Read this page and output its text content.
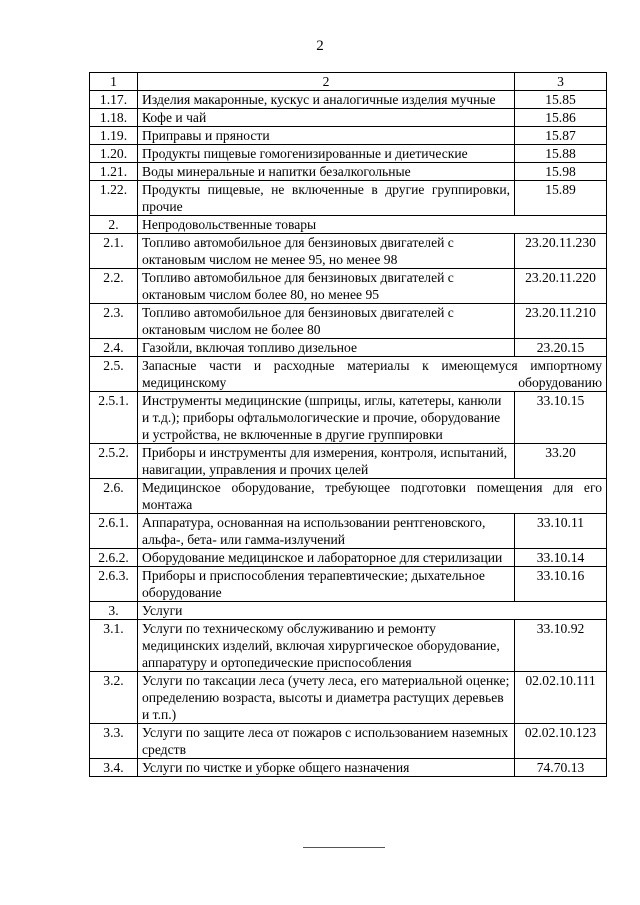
2
1	2	3
1.17.	Изделия макаронные, кускус и аналогичные изделия мучные	15.85
1.18.	Кофе и чай	15.86
1.19.	Приправы и пряности	15.87
1.20.	Продукты пищевые гомогенизированные и диетические	15.88
1.21.	Воды минеральные и напитки безалкогольные	15.98
1.22.	Продукты пищевые, не включенные в другие группировки, прочие	15.89
2.	Непродовольственные товары	
2.1.	Топливо автомобильное для бензиновых двигателей с октановым числом не менее 95, но менее 98	23.20.11.230
2.2.	Топливо автомобильное для бензиновых двигателей с октановым числом более 80, но менее 95	23.20.11.220
2.3.	Топливо автомобильное для бензиновых двигателей с октановым числом не более 80	23.20.11.210
2.4.	Газойли, включая топливо дизельное	23.20.15
2.5.	Запасные части и расходные материалы к имеющемуся импортному медицинскому оборудованию	
2.5.1.	Инструменты медицинские (шприцы, иглы, катетеры, канюли и т.д.); приборы офтальмологические и прочие, оборудование и устройства, не включенные в другие группировки	33.10.15
2.5.2.	Приборы и инструменты для измерения, контроля, испытаний, навигации, управления и прочих целей	33.20
2.6.	Медицинское оборудование, требующее подготовки помещения для его монтажа	
2.6.1.	Аппаратура, основанная на использовании рентгеновского, альфа-, бета- или гамма-излучений	33.10.11
2.6.2.	Оборудование медицинское и лабораторное для стерилизации	33.10.14
2.6.3.	Приборы и приспособления терапевтические; дыхательное оборудование	33.10.16
3.	Услуги	
3.1.	Услуги по техническому обслуживанию и ремонту медицинских изделий, включая хирургическое оборудование, аппаратуру и ортопедические приспособления	33.10.92
3.2.	Услуги по таксации леса (учету леса, его материальной оценке; определению возраста, высоты и диаметра растущих деревьев и т.п.)	02.02.10.111
3.3.	Услуги по защите леса от пожаров с использованием наземных средств	02.02.10.123
3.4.	Услуги по чистке и уборке общего назначения	74.70.13
